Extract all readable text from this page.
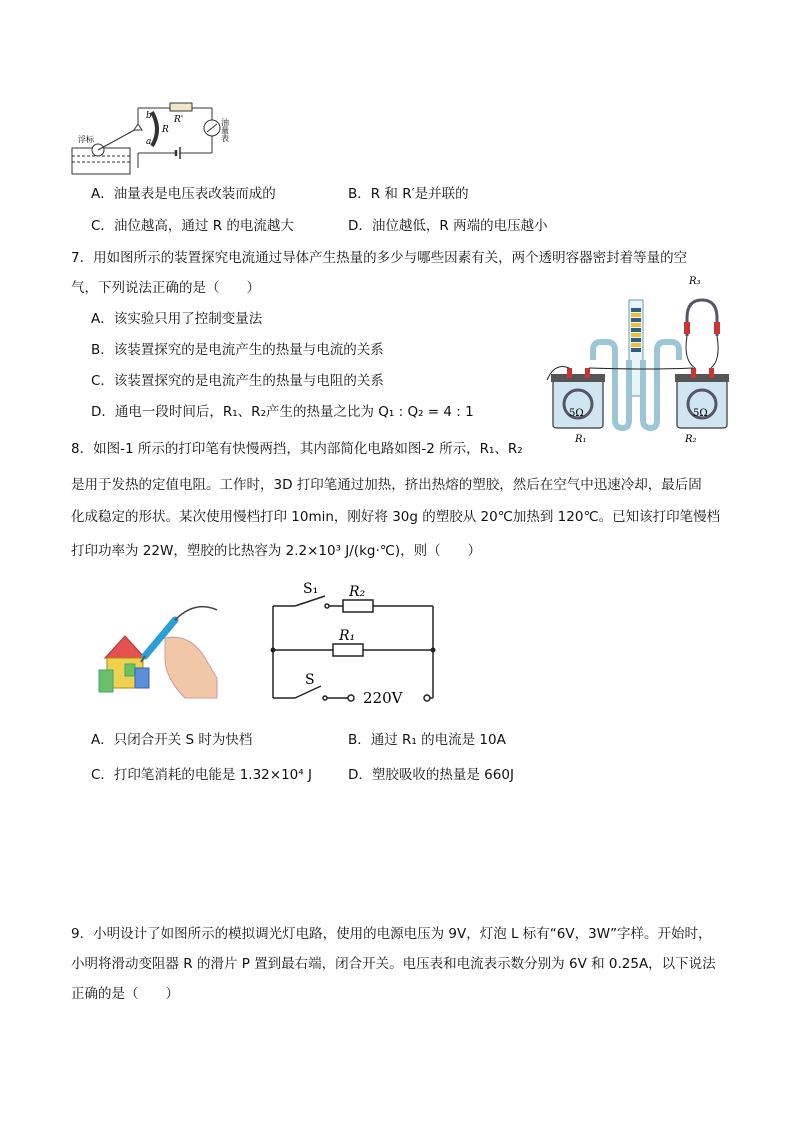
浮标
R
R'
b
a	油量表
A．油量表是电压表改装而成的	B．R 和 R′是并联的
C．油位越高，通过 R 的电流越大	D．油位越低，R 两端的电压越小
7．用如图所示的装置探究电流通过导体产生热量的多少与哪些因素有关，两个透明容器密封着等量的空
气，下列说法正确的是（　　）
A．该实验只用了控制变量法
B．该装置探究的是电流产生的热量与电流的关系
C．该装置探究的是电流产生的热量与电阻的关系
D．通电一段时间后，R₁、R₂产生的热量之比为 Q₁ : Q₂ = 4 : 1
R₃
5Ω	5Ω
R₁	R₂
8．如图-1 所示的打印笔有快慢两挡，其内部简化电路如图-2 所示，R₁、R₂
是用于发热的定值电阻。工作时，3D 打印笔通过加热，挤出热熔的塑胶，然后在空气中迅速冷却，最后固
化成稳定的形状。某次使用慢档打印 10min，刚好将 30g 的塑胶从 20℃加热到 120℃。已知该打印笔慢档
打印功率为 22W，塑胶的比热容为 2.2×10³ J/(kg·℃)，则（　　）
S₁ R₂
R₁
S
220V
A．只闭合开关 S 时为快档	B．通过 R₁ 的电流是 10A
C．打印笔消耗的电能是 1.32×10⁴ J	D．塑胶吸收的热量是 660J
9．小明设计了如图所示的模拟调光灯电路，使用的电源电压为 9V，灯泡 L 标有“6V，3W”字样。开始时，
小明将滑动变阻器 R 的滑片 P 置到最右端，闭合开关。电压表和电流表示数分别为 6V 和 0.25A，以下说法
正确的是（　　）
